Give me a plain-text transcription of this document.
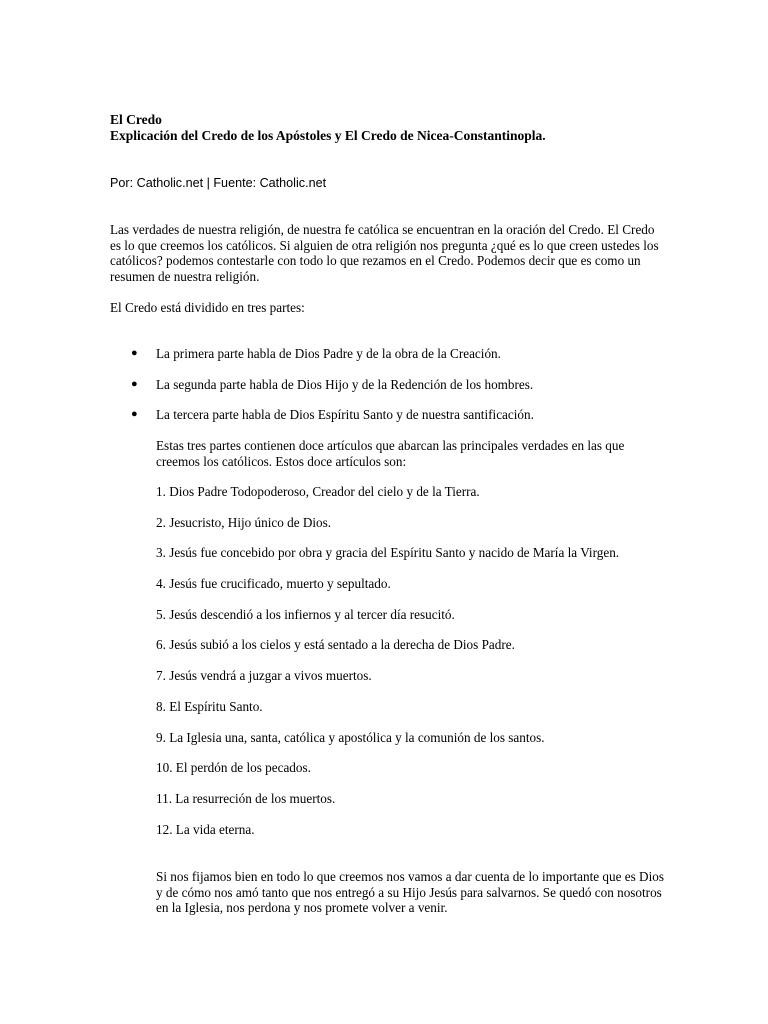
El Credo
Explicación del Credo de los Apóstoles y El Credo de Nicea-Constantinopla.
Por: Catholic.net | Fuente: Catholic.net

Las verdades de nuestra religión, de nuestra fe católica se encuentran en la oración del Credo. El Credo es lo que creemos los católicos. Si alguien de otra religión nos pregunta ¿qué es lo que creen ustedes los católicos? podemos contestarle con todo lo que rezamos en el Credo. Podemos decir que es como un resumen de nuestra religión.

El Credo está dividido en tres partes:

● La primera parte habla de Dios Padre y de la obra de la Creación.
● La segunda parte habla de Dios Hijo y de la Redención de los hombres.
● La tercera parte habla de Dios Espíritu Santo y de nuestra santificación.

Estas tres partes contienen doce artículos que abarcan las principales verdades en las que creemos los católicos. Estos doce artículos son:

1. Dios Padre Todopoderoso, Creador del cielo y de la Tierra.
2. Jesucristo, Hijo único de Dios.
3. Jesús fue concebido por obra y gracia del Espíritu Santo y nacido de María la Virgen.
4. Jesús fue crucificado, muerto y sepultado.
5. Jesús descendió a los infiernos y al tercer día resucitó.
6. Jesús subió a los cielos y está sentado a la derecha de Dios Padre.
7. Jesús vendrá a juzgar a vivos muertos.
8. El Espíritu Santo.
9. La Iglesia una, santa, católica y apostólica y la comunión de los santos.
10. El perdón de los pecados.
11. La resurreción de los muertos.
12. La vida eterna.

Si nos fijamos bien en todo lo que creemos nos vamos a dar cuenta de lo importante que es Dios y de cómo nos amó tanto que nos entregó a su Hijo Jesús para salvarnos. Se quedó con nosotros en la Iglesia, nos perdona y nos promete volver a venir.
